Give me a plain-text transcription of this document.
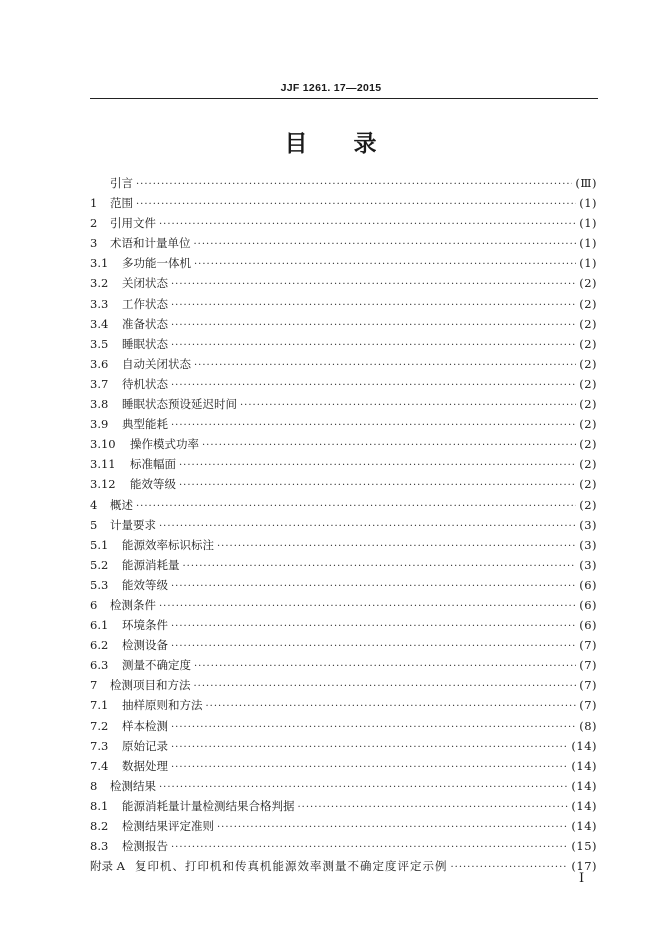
JJF 1261. 17—2015
目 录
引言 ·····	(Ⅲ)
1	范围 ·····	(1)
2	引用文件 ·····	(1)
3	术语和计量单位 ·····	(1)
3.1	多功能一体机 ·····	(1)
3.2	关闭状态 ·····	(2)
3.3	工作状态 ·····	(2)
3.4	准备状态 ·····	(2)
3.5	睡眠状态 ·····	(2)
3.6	自动关闭状态 ·····	(2)
3.7	待机状态 ·····	(2)
3.8	睡眠状态预设延迟时间 ·····	(2)
3.9	典型能耗 ·····	(2)
3.10	操作模式功率 ·····	(2)
3.11	标准幅面 ·····	(2)
3.12	能效等级 ·····	(2)
4	概述 ·····	(2)
5	计量要求 ·····	(3)
5.1	能源效率标识标注 ·····	(3)
5.2	能源消耗量 ·····	(3)
5.3	能效等级 ·····	(6)
6	检测条件 ·····	(6)
6.1	环境条件 ·····	(6)
6.2	检测设备 ·····	(7)
6.3	测量不确定度 ·····	(7)
7	检测项目和方法 ·····	(7)
7.1	抽样原则和方法 ·····	(7)
7.2	样本检测 ·····	(8)
7.3	原始记录 ·····	(14)
7.4	数据处理 ·····	(14)
8	检测结果 ·····	(14)
8.1	能源消耗量计量检测结果合格判据 ·····	(14)
8.2	检测结果评定准则 ·····	(14)
8.3	检测报告 ·····	(15)
附录 A 复印机、打印机和传真机能源效率测量不确定度评定示例 ·····	(17)
I
